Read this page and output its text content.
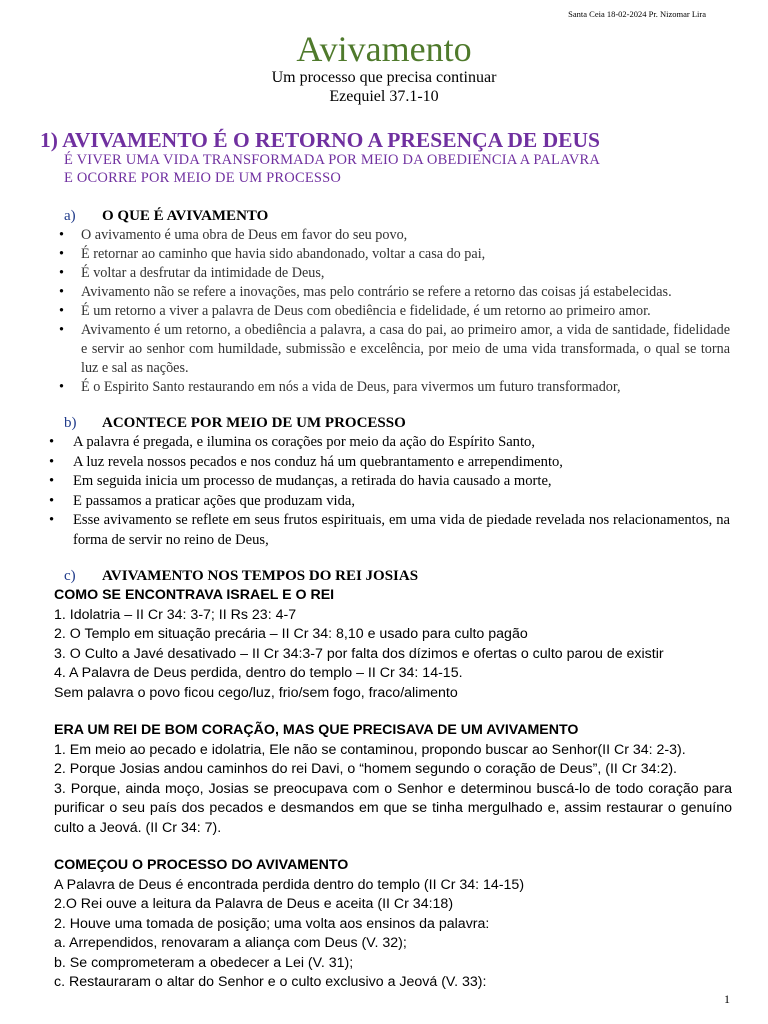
Santa Ceia 18-02-2024 Pr. Nizomar Lira
Avivamento
Um processo que precisa continuar
Ezequiel 37.1-10
1) AVIVAMENTO É O RETORNO A PRESENÇA DE DEUS
É VIVER UMA VIDA TRANSFORMADA POR MEIO DA OBEDIENCIA A PALAVRA
E OCORRE POR MEIO DE UM PROCESSO
a) O QUE É AVIVAMENTO
• O avivamento é uma obra de Deus em favor do seu povo,
• É retornar ao caminho que havia sido abandonado, voltar a casa do pai,
• É voltar a desfrutar da intimidade de Deus,
• Avivamento não se refere a inovações, mas pelo contrário se refere a retorno das coisas já estabelecidas.
• É um retorno a viver a palavra de Deus com obediência e fidelidade, é um retorno ao primeiro amor.
• Avivamento é um retorno, a obediência a palavra, a casa do pai, ao primeiro amor, a vida de santidade, fidelidade e servir ao senhor com humildade, submissão e excelência, por meio de uma vida transformada, o qual se torna luz e sal as nações.
• É o Espirito Santo restaurando em nós a vida de Deus, para vivermos um futuro transformador,
b) ACONTECE POR MEIO DE UM PROCESSO
• A palavra é pregada, e ilumina os corações por meio da ação do Espírito Santo,
• A luz revela nossos pecados e nos conduz há um quebrantamento e arrependimento,
• Em seguida inicia um processo de mudanças, a retirada do havia causado a morte,
• E passamos a praticar ações que produzam vida,
• Esse avivamento se reflete em seus frutos espirituais, em uma vida de piedade revelada nos relacionamentos, na forma de servir no reino de Deus,
c) AVIVAMENTO NOS TEMPOS DO REI JOSIAS
COMO SE ENCONTRAVA ISRAEL E O REI
1. Idolatria – II Cr 34: 3-7; II Rs 23: 4-7
2. O Templo em situação precária – II Cr 34: 8,10 e usado para culto pagão
3. O Culto a Javé desativado – II Cr 34:3-7 por falta dos dízimos e ofertas o culto parou de existir
4. A Palavra de Deus perdida, dentro do templo – II Cr 34: 14-15.
Sem palavra o povo ficou cego/luz, frio/sem fogo, fraco/alimento
ERA UM REI DE BOM CORAÇÃO, MAS QUE PRECISAVA DE UM AVIVAMENTO
1. Em meio ao pecado e idolatria, Ele não se contaminou, propondo buscar ao Senhor(II Cr 34: 2-3).
2. Porque Josias andou caminhos do rei Davi, o “homem segundo o coração de Deus”, (II Cr 34:2).
3. Porque, ainda moço, Josias se preocupava com o Senhor e determinou buscá-lo de todo coração para purificar o seu país dos pecados e desmandos em que se tinha mergulhado e, assim restaurar o genuíno culto a Jeová. (II Cr 34: 7).
COMEÇOU O PROCESSO DO AVIVAMENTO
A Palavra de Deus é encontrada perdida dentro do templo (II Cr 34: 14-15)
2.O Rei ouve a leitura da Palavra de Deus e aceita (II Cr 34:18)
2. Houve uma tomada de posição; uma volta aos ensinos da palavra:
a. Arrependidos, renovaram a aliança com Deus (V. 32);
b. Se comprometeram a obedecer a Lei (V. 31);
c. Restauraram o altar do Senhor e o culto exclusivo a Jeová (V. 33):
1
